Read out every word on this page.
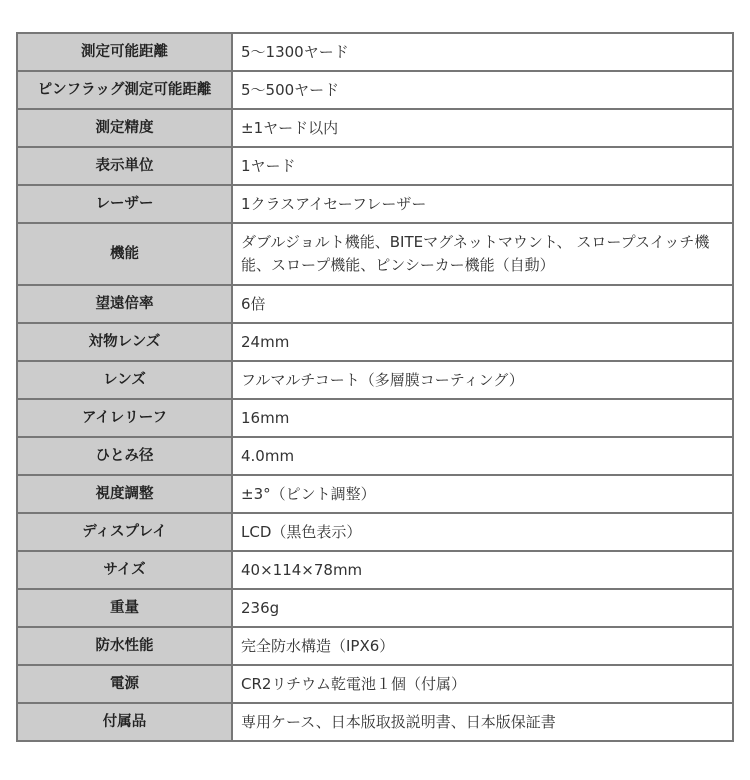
測定可能距離	5～1300ヤード
ピンフラッグ測定可能距離	5～500ヤード
測定精度	±1ヤード以内
表示単位	1ヤード
レーザー	1クラスアイセーフレーザー
機能	ダブルジョルト機能、BITEマグネットマウント、 スロープスイッチ機能、スロープ機能、ピンシーカー機能（自動）
望遠倍率	6倍
対物レンズ	24mm
レンズ	フルマルチコート（多層膜コーティング）
アイレリーフ	16mm
ひとみ径	4.0mm
視度調整	±3°（ピント調整）
ディスプレイ	LCD（黒色表示）
サイズ	40×114×78mm
重量	236g
防水性能	完全防水構造（IPX6）
電源	CR2リチウム乾電池１個（付属）
付属品	専用ケース、日本版取扱説明書、日本版保証書
